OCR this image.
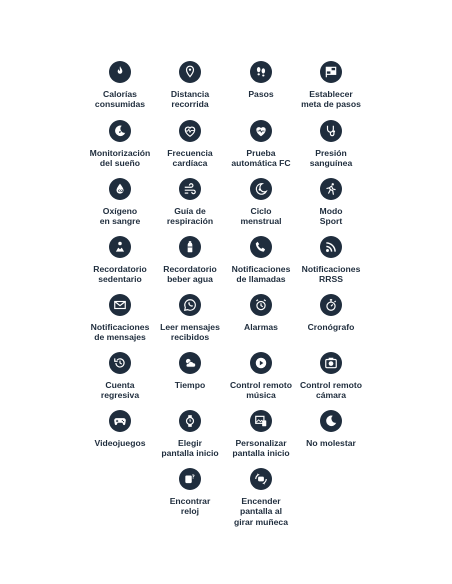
Calorías
consumidas
Distancia
recorrida
Pasos	Establecer
meta de pasos
z
Monitorización
del sueño
Frecuencia
cardíaca
Prueba
automática FC
Presión
sanguínea
O2
Oxígeno
en sangre
Guía de
respiración
Ciclo
menstrual
Modo
Sport
Recordatorio
sedentario
Recordatorio
beber agua
Notificaciones
de llamadas
Notificaciones
RRSS
Notificaciones
de mensajes
Leer mensajes
recibidos
Alarmas	Cronógrafo
Cuenta
regresiva
Tiempo	Control remoto
música
Control remoto
cámara
Videojuegos	Elegir
pantalla inicio
Personalizar
pantalla inicio
No molestar
?
Encontrar
reloj
Encender
pantalla al
girar muñeca
